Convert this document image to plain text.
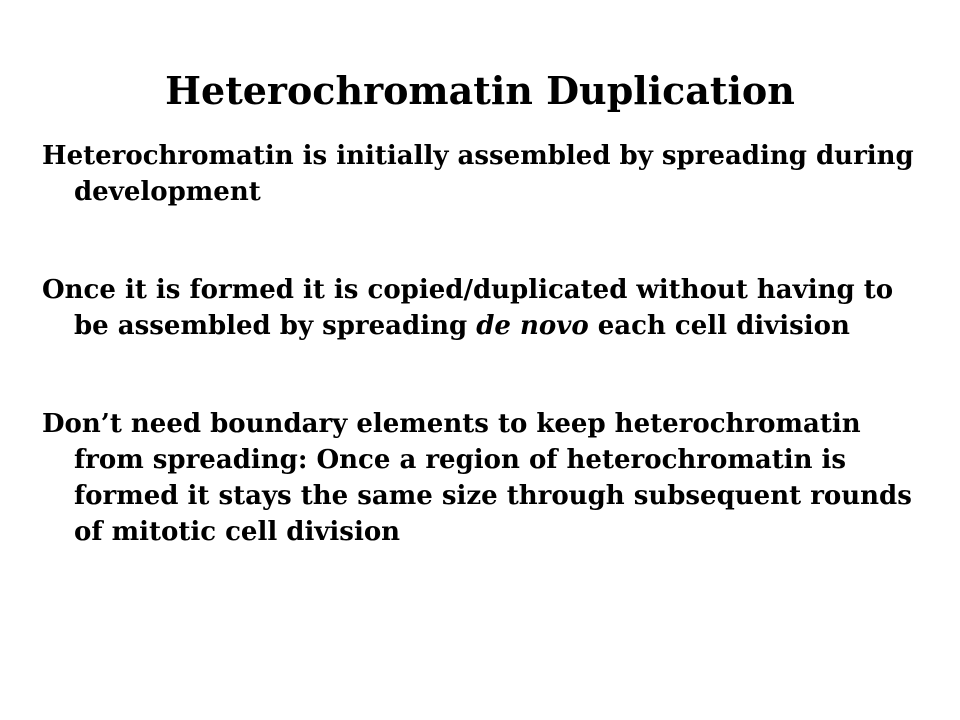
Heterochromatin Duplication

Heterochromatin is initially assembled by spreading during development

Once it is formed it is copied/duplicated without having to be assembled by spreading de novo each cell division

Don’t need boundary elements to keep heterochromatin from spreading: Once a region of heterochromatin is formed it stays the same size through subsequent rounds of mitotic cell division
